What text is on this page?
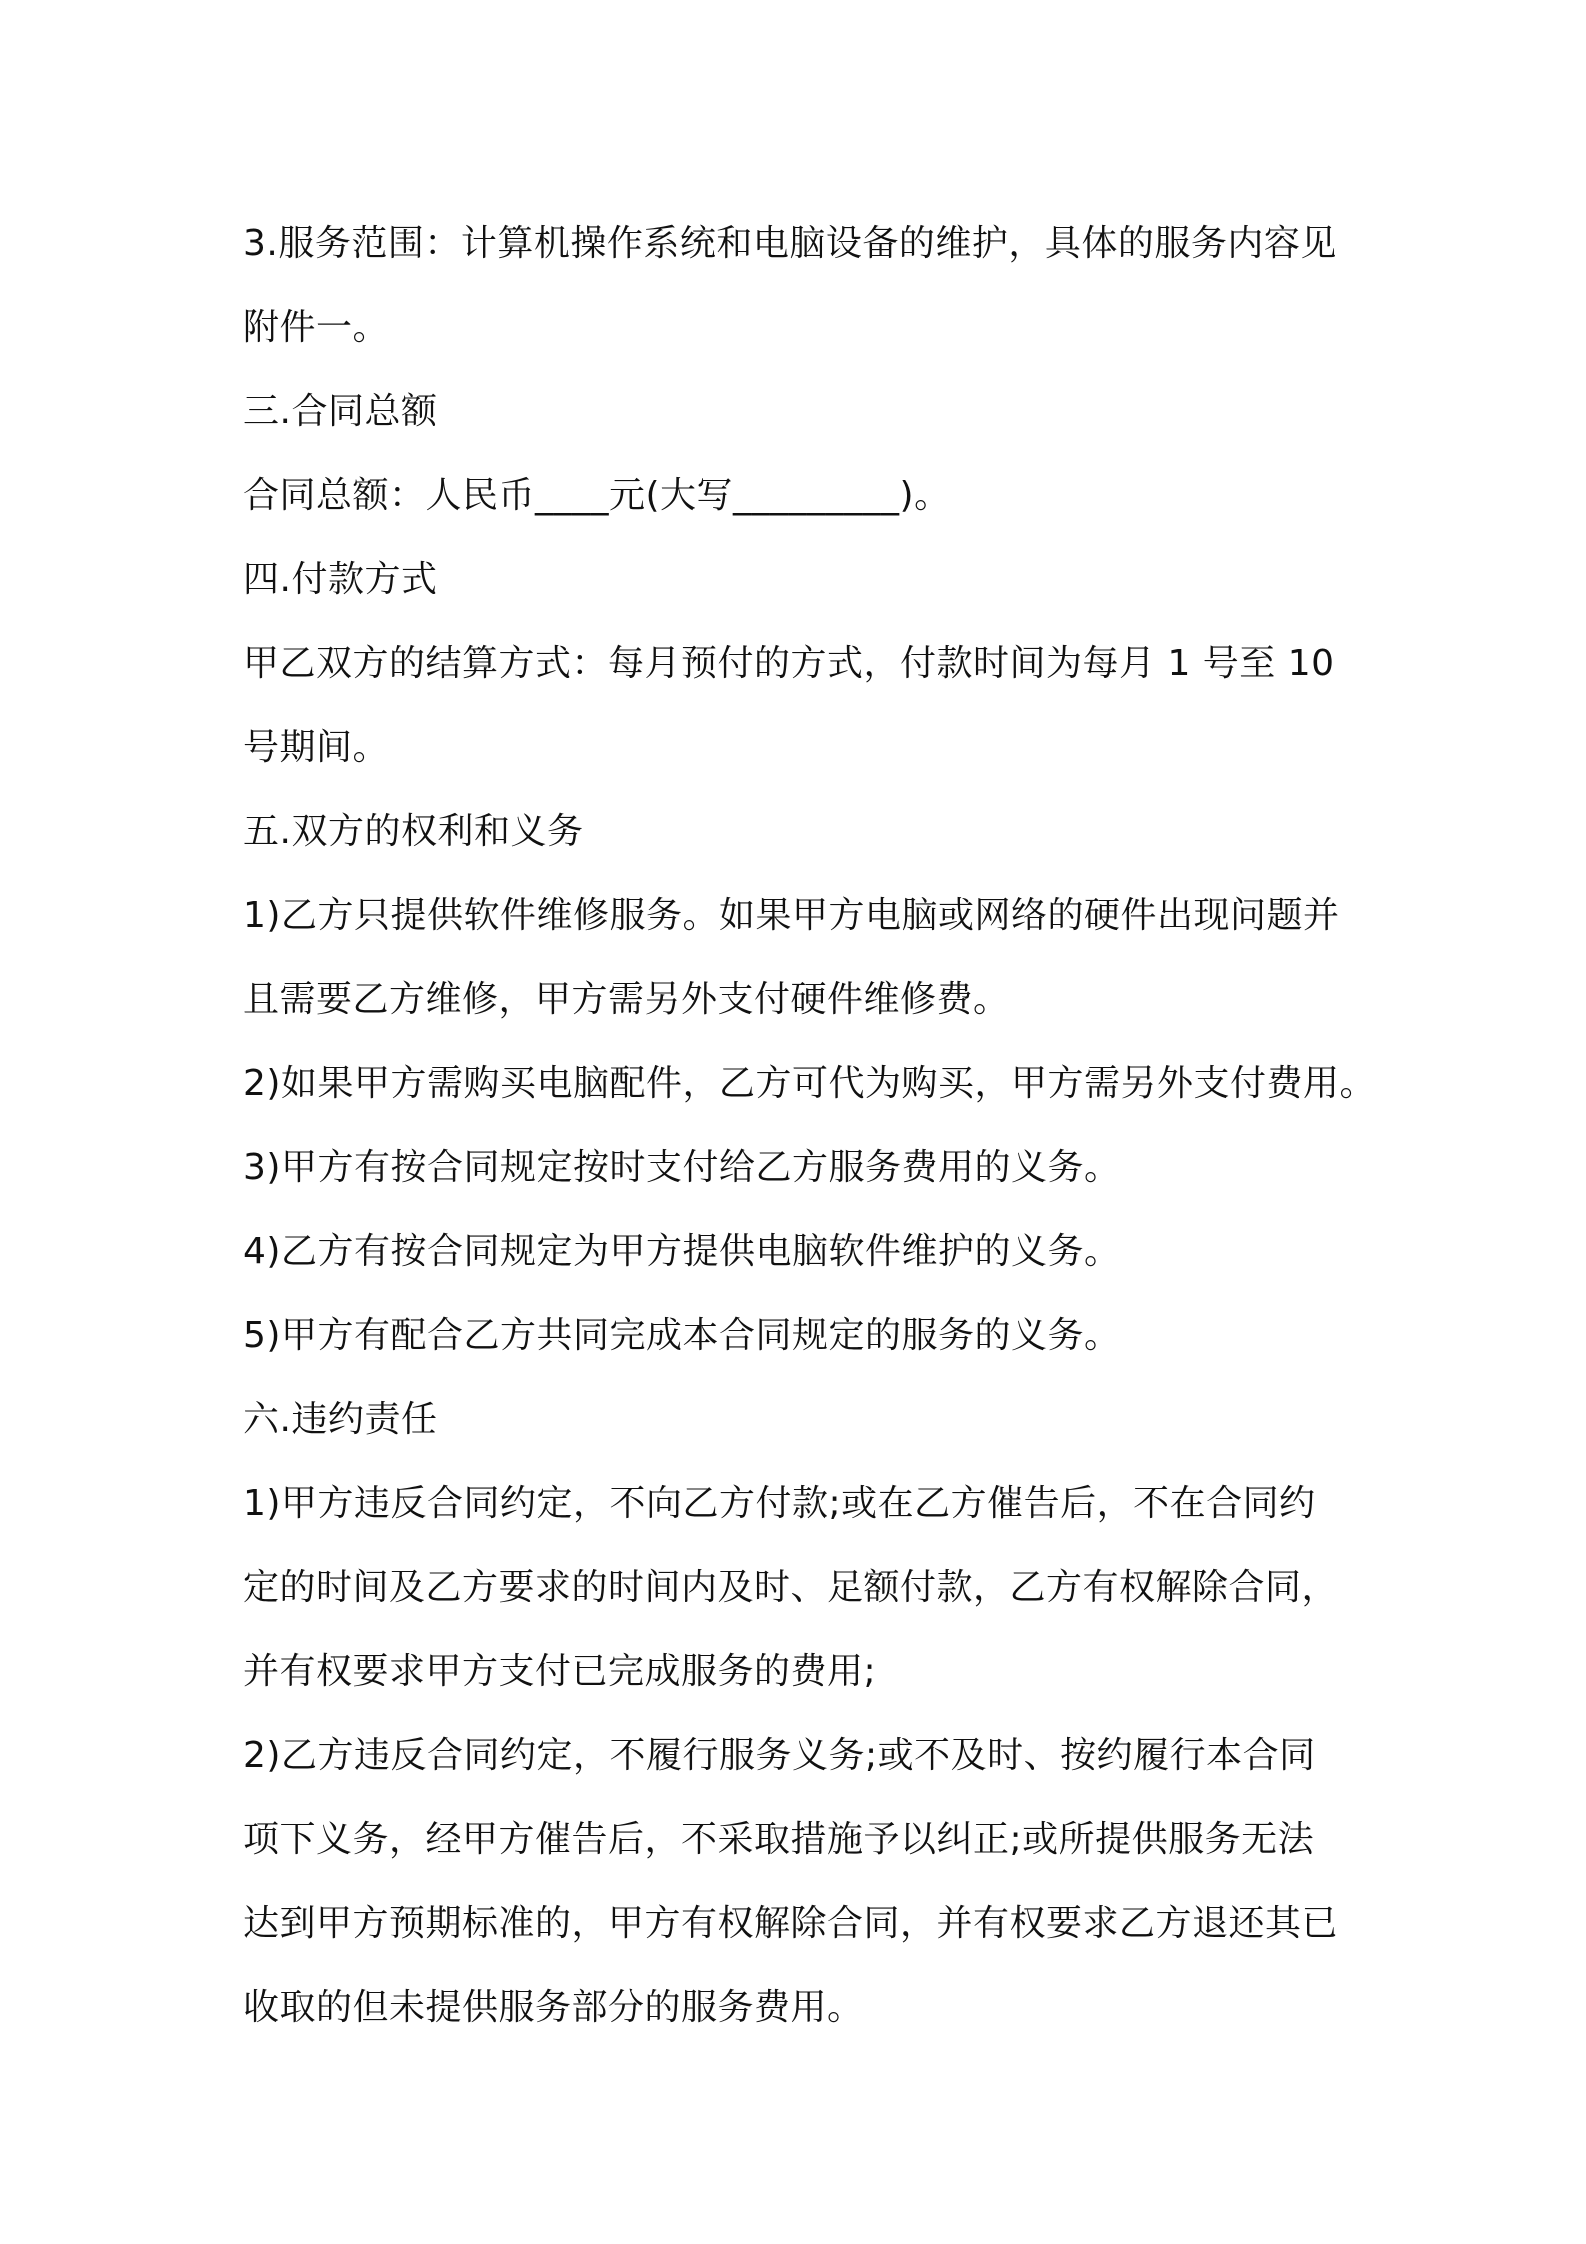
3.服务范围：计算机操作系统和电脑设备的维护，具体的服务内容见
附件一。
三.合同总额
合同总额：人民币____元(大写_________)。
四.付款方式
甲乙双方的结算方式：每月预付的方式，付款时间为每月 1 号至 10
号期间。
五.双方的权利和义务
1)乙方只提供软件维修服务。如果甲方电脑或网络的硬件出现问题并
且需要乙方维修，甲方需另外支付硬件维修费。
2)如果甲方需购买电脑配件，乙方可代为购买，甲方需另外支付费用。
3)甲方有按合同规定按时支付给乙方服务费用的义务。
4)乙方有按合同规定为甲方提供电脑软件维护的义务。
5)甲方有配合乙方共同完成本合同规定的服务的义务。
六.违约责任
1)甲方违反合同约定，不向乙方付款;或在乙方催告后，不在合同约
定的时间及乙方要求的时间内及时、足额付款，乙方有权解除合同，
并有权要求甲方支付已完成服务的费用;
2)乙方违反合同约定，不履行服务义务;或不及时、按约履行本合同
项下义务，经甲方催告后，不采取措施予以纠正;或所提供服务无法
达到甲方预期标准的，甲方有权解除合同，并有权要求乙方退还其已
收取的但未提供服务部分的服务费用。
